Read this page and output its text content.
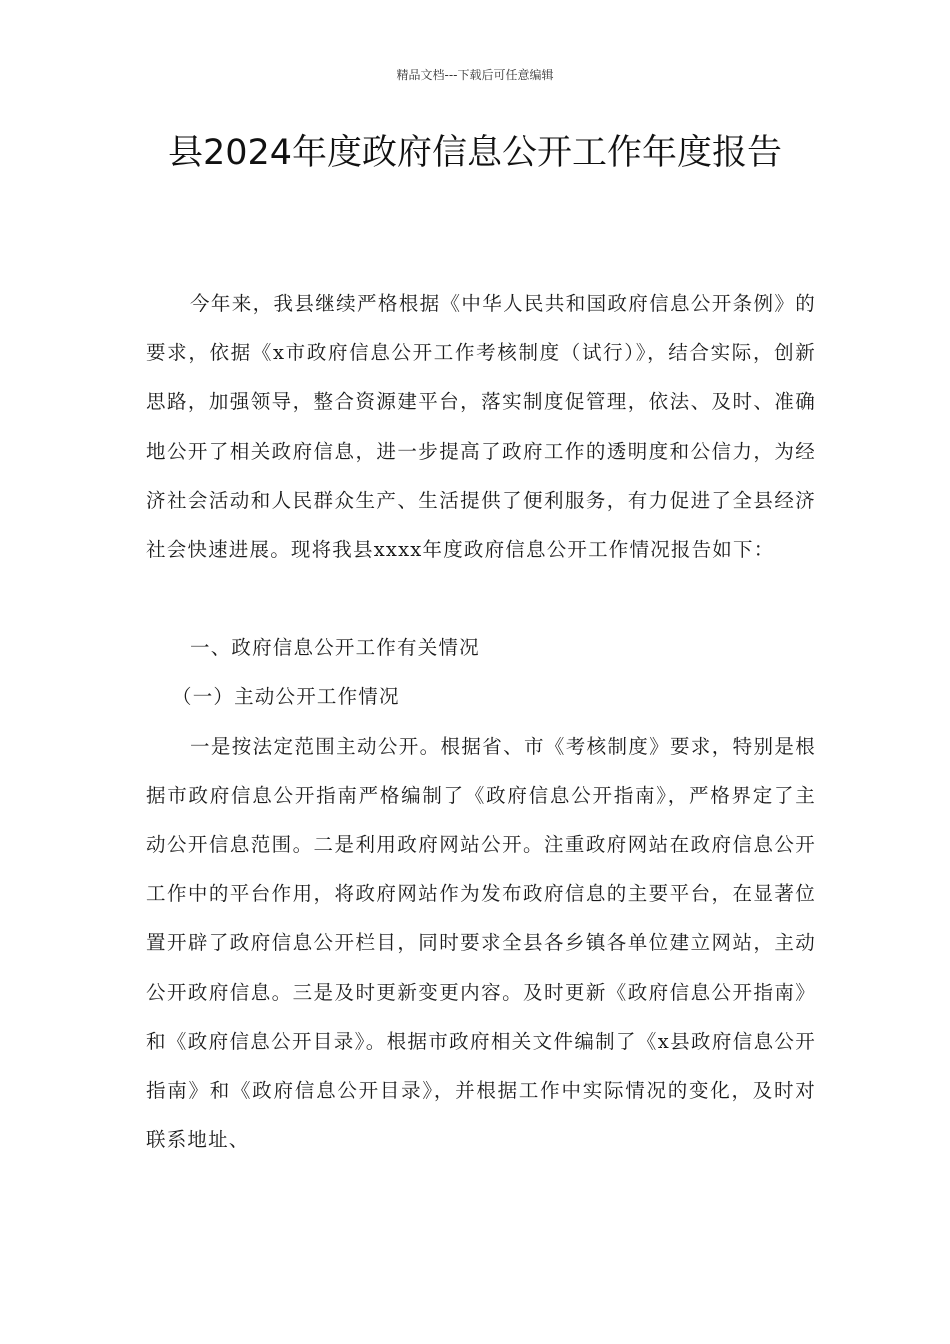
精品文档---下载后可任意编辑
县2024年度政府信息公开工作年度报告

今年来，我县继续严格根据《中华人民共和国政府信息公开条例》的要求，依据《x市政府信息公开工作考核制度（试行）》，结合实际，创新思路，加强领导，整合资源建平台，落实制度促管理，依法、及时、准确地公开了相关政府信息，进一步提高了政府工作的透明度和公信力，为经济社会活动和人民群众生产、生活提供了便利服务，有力促进了全县经济社会快速进展。现将我县xxxx年度政府信息公开工作情况报告如下：

一、政府信息公开工作有关情况

（一）主动公开工作情况

一是按法定范围主动公开。根据省、市《考核制度》要求，特别是根据市政府信息公开指南严格编制了《政府信息公开指南》，严格界定了主动公开信息范围。二是利用政府网站公开。注重政府网站在政府信息公开工作中的平台作用，将政府网站作为发布政府信息的主要平台，在显著位置开辟了政府信息公开栏目，同时要求全县各乡镇各单位建立网站，主动公开政府信息。三是及时更新变更内容。及时更新《政府信息公开指南》和《政府信息公开目录》。根据市政府相关文件编制了《x县政府信息公开指南》和《政府信息公开目录》，并根据工作中实际情况的变化，及时对联系地址、
